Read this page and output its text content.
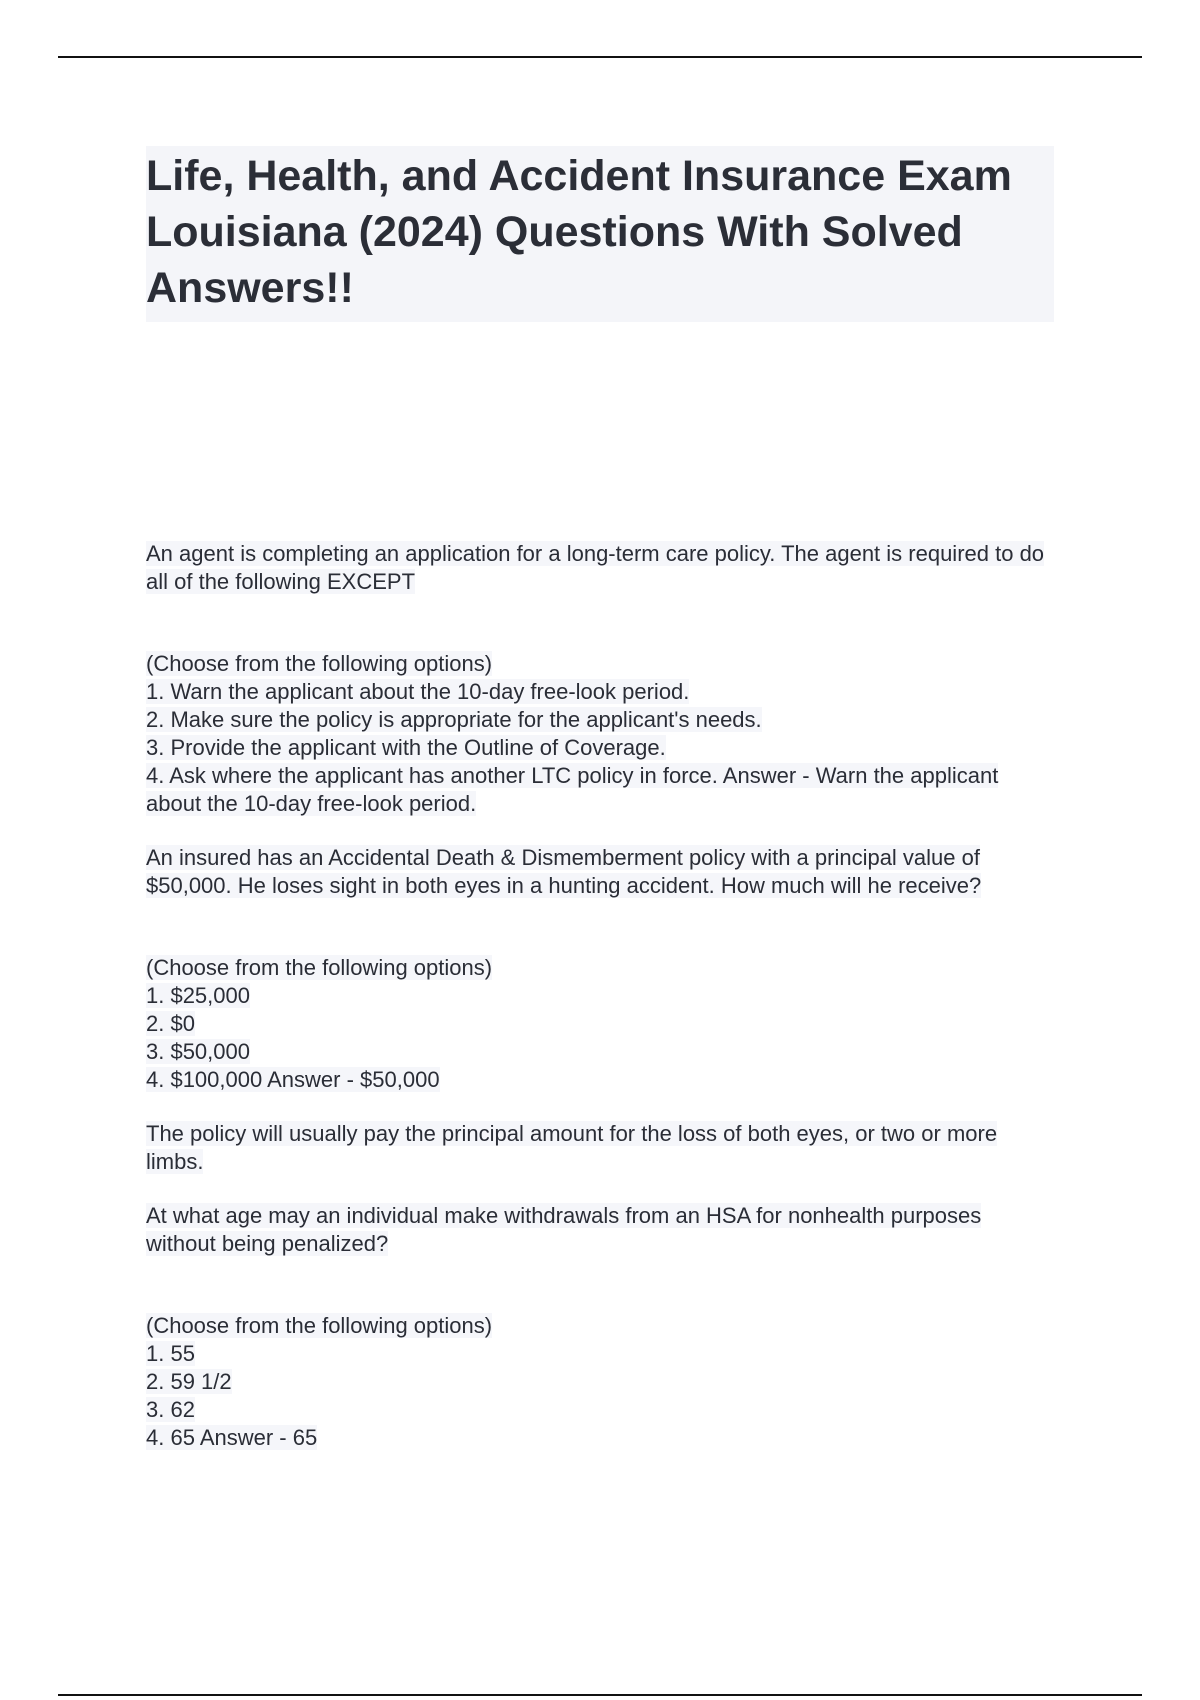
Life, Health, and Accident Insurance Exam Louisiana (2024) Questions With Solved Answers!!

An agent is completing an application for a long-term care policy. The agent is required to do all of the following EXCEPT

(Choose from the following options)

1. Warn the applicant about the 10-day free-look period.

2. Make sure the policy is appropriate for the applicant's needs.

3. Provide the applicant with the Outline of Coverage.

4. Ask where the applicant has another LTC policy in force. Answer - Warn the applicant about the 10-day free-look period.

An insured has an Accidental Death & Dismemberment policy with a principal value of $50,000. He loses sight in both eyes in a hunting accident. How much will he receive?

(Choose from the following options)

1. $25,000

2. $0

3. $50,000

4. $100,000 Answer - $50,000

The policy will usually pay the principal amount for the loss of both eyes, or two or more limbs.

At what age may an individual make withdrawals from an HSA for nonhealth purposes without being penalized?

(Choose from the following options)

1. 55

2. 59 1/2

3. 62

4. 65 Answer - 65
